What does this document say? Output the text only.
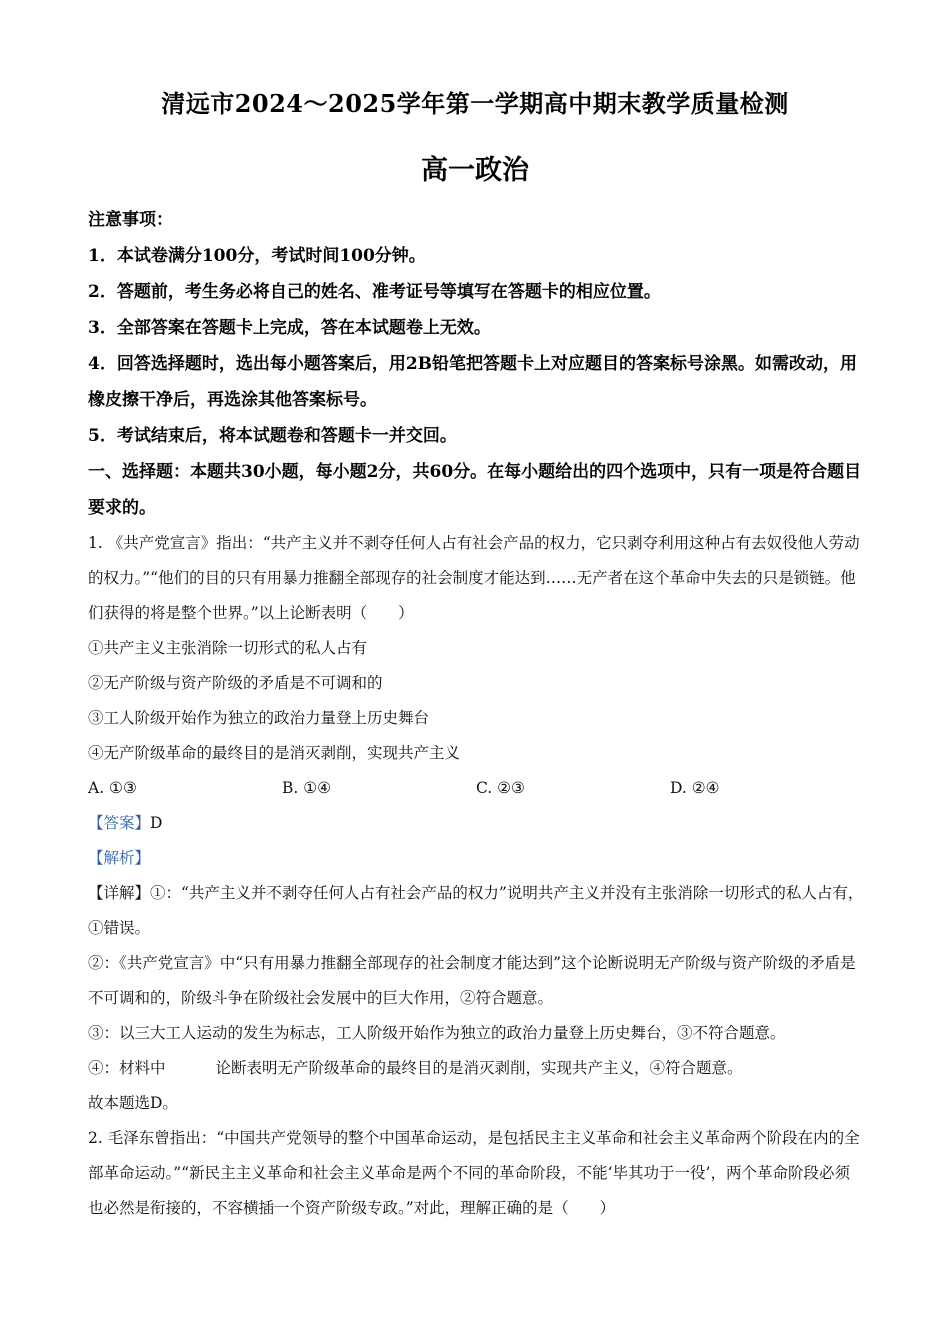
清远市2024～2025学年第一学期高中期末教学质量检测
高一政治
注意事项：
1．本试卷满分100分，考试时间100分钟。
2．答题前，考生务必将自己的姓名、准考证号等填写在答题卡的相应位置。
3．全部答案在答题卡上完成，答在本试题卷上无效。
4．回答选择题时，选出每小题答案后，用2B铅笔把答题卡上对应题目的答案标号涂黑。如需改动，用橡皮擦干净后，再选涂其他答案标号。
5．考试结束后，将本试题卷和答题卡一并交回。
一、选择题：本题共30小题，每小题2分，共60分。在每小题给出的四个选项中，只有一项是符合题目要求的。
1. 《共产党宣言》指出：“共产主义并不剥夺任何人占有社会产品的权力，它只剥夺利用这种占有去奴役他人劳动的权力。”“他们的目的只有用暴力推翻全部现存的社会制度才能达到……无产者在这个革命中失去的只是锁链。他们获得的将是整个世界。”以上论断表明（　　）
①共产主义主张消除一切形式的私人占有
②无产阶级与资产阶级的矛盾是不可调和的
③工人阶级开始作为独立的政治力量登上历史舞台
④无产阶级革命的最终目的是消灭剥削，实现共产主义
A. ①③	B. ①④	C. ②③	D. ②④
【答案】D
【解析】
【详解】①：“共产主义并不剥夺任何人占有社会产品的权力”说明共产主义并没有主张消除一切形式的私人占有，①错误。
②：《共产党宣言》中“只有用暴力推翻全部现存的社会制度才能达到”这个论断说明无产阶级与资产阶级的矛盾是不可调和的，阶级斗争在阶级社会发展中的巨大作用，②符合题意。
③：以三大工人运动的发生为标志，工人阶级开始作为独立的政治力量登上历史舞台，③不符合题意。
④：材料中	论断表明无产阶级革命的最终目的是消灭剥削，实现共产主义，④符合题意。
故本题选D。
2. 毛泽东曾指出：“中国共产党领导的整个中国革命运动，是包括民主主义革命和社会主义革命两个阶段在内的全部革命运动。”“新民主主义革命和社会主义革命是两个不同的革命阶段，不能‘毕其功于一役’，两个革命阶段必须也必然是衔接的，不容横插一个资产阶级专政。”对此，理解正确的是（　　）
